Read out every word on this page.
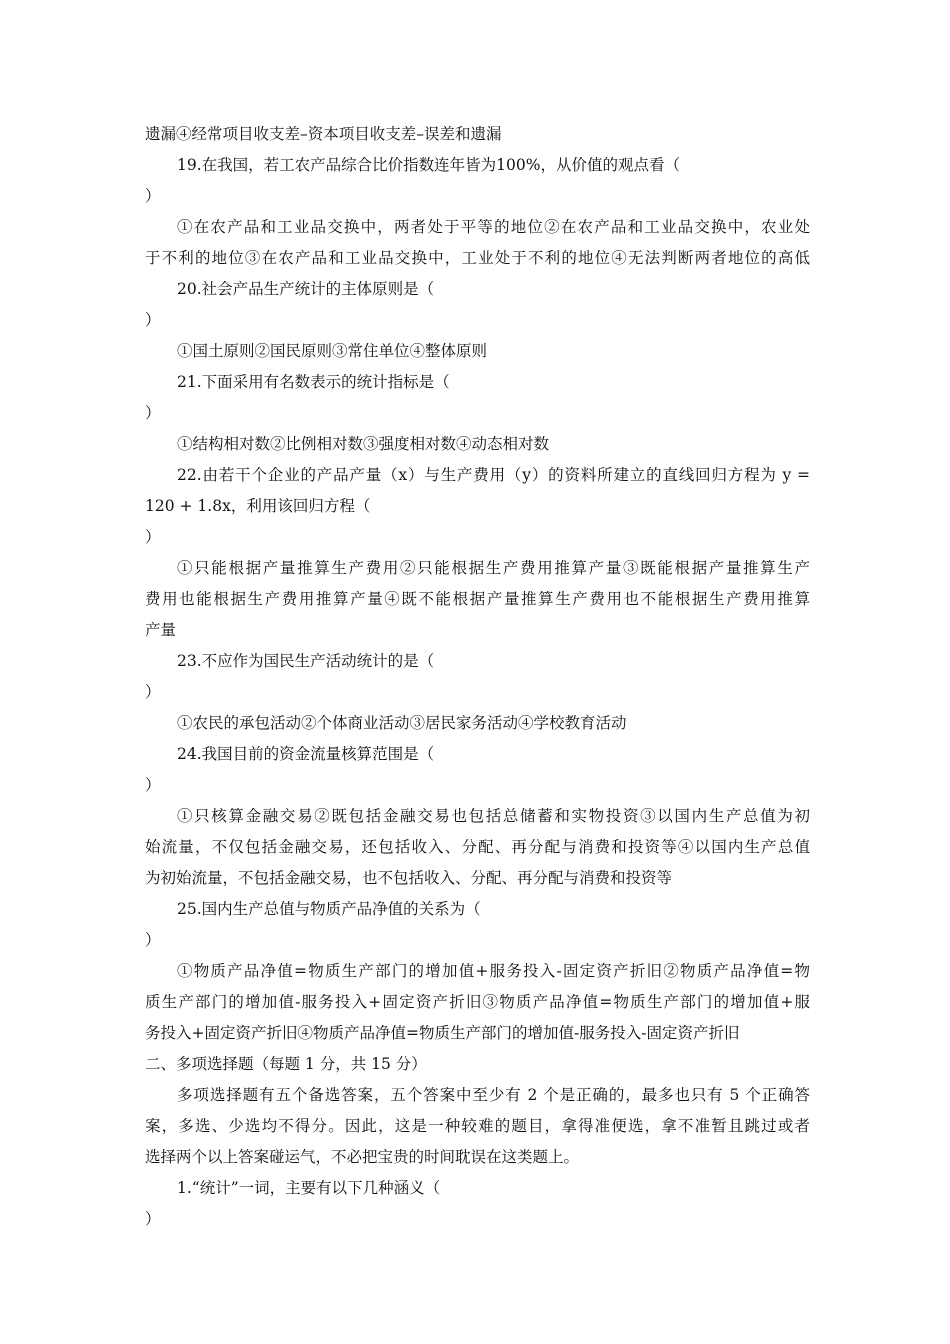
遗漏④经常项目收支差–资本项目收支差–误差和遗漏
19.在我国，若工农产品综合比价指数连年皆为100%，从价值的观点看（
）
①在农产品和工业品交换中，两者处于平等的地位②在农产品和工业品交换中，农业处
于不利的地位③在农产品和工业品交换中，工业处于不利的地位④无法判断两者地位的高低
20.社会产品生产统计的主体原则是（
）
①国土原则②国民原则③常住单位④整体原则
21.下面采用有名数表示的统计指标是（
）
①结构相对数②比例相对数③强度相对数④动态相对数
22.由若干个企业的产品产量（x）与生产费用（y）的资料所建立的直线回归方程为 y =
120 + 1.8x，利用该回归方程（
）
①只能根据产量推算生产费用②只能根据生产费用推算产量③既能根据产量推算生产
费用也能根据生产费用推算产量④既不能根据产量推算生产费用也不能根据生产费用推算
产量
23.不应作为国民生产活动统计的是（
）
①农民的承包活动②个体商业活动③居民家务活动④学校教育活动
24.我国目前的资金流量核算范围是（
）
①只核算金融交易②既包括金融交易也包括总储蓄和实物投资③以国内生产总值为初
始流量，不仅包括金融交易，还包括收入、分配、再分配与消费和投资等④以国内生产总值
为初始流量，不包括金融交易，也不包括收入、分配、再分配与消费和投资等
25.国内生产总值与物质产品净值的关系为（
）
①物质产品净值=物质生产部门的增加值+服务投入-固定资产折旧②物质产品净值=物
质生产部门的增加值-服务投入+固定资产折旧③物质产品净值=物质生产部门的增加值+服
务投入+固定资产折旧④物质产品净值=物质生产部门的增加值-服务投入-固定资产折旧
二、多项选择题（每题 1 分，共 15 分）
多项选择题有五个备选答案，五个答案中至少有 2 个是正确的，最多也只有 5 个正确答
案，多选、少选均不得分。因此，这是一种较难的题目，拿得准便选，拿不准暂且跳过或者
选择两个以上答案碰运气，不必把宝贵的时间耽误在这类题上。
1.“统计”一词，主要有以下几种涵义（
）
